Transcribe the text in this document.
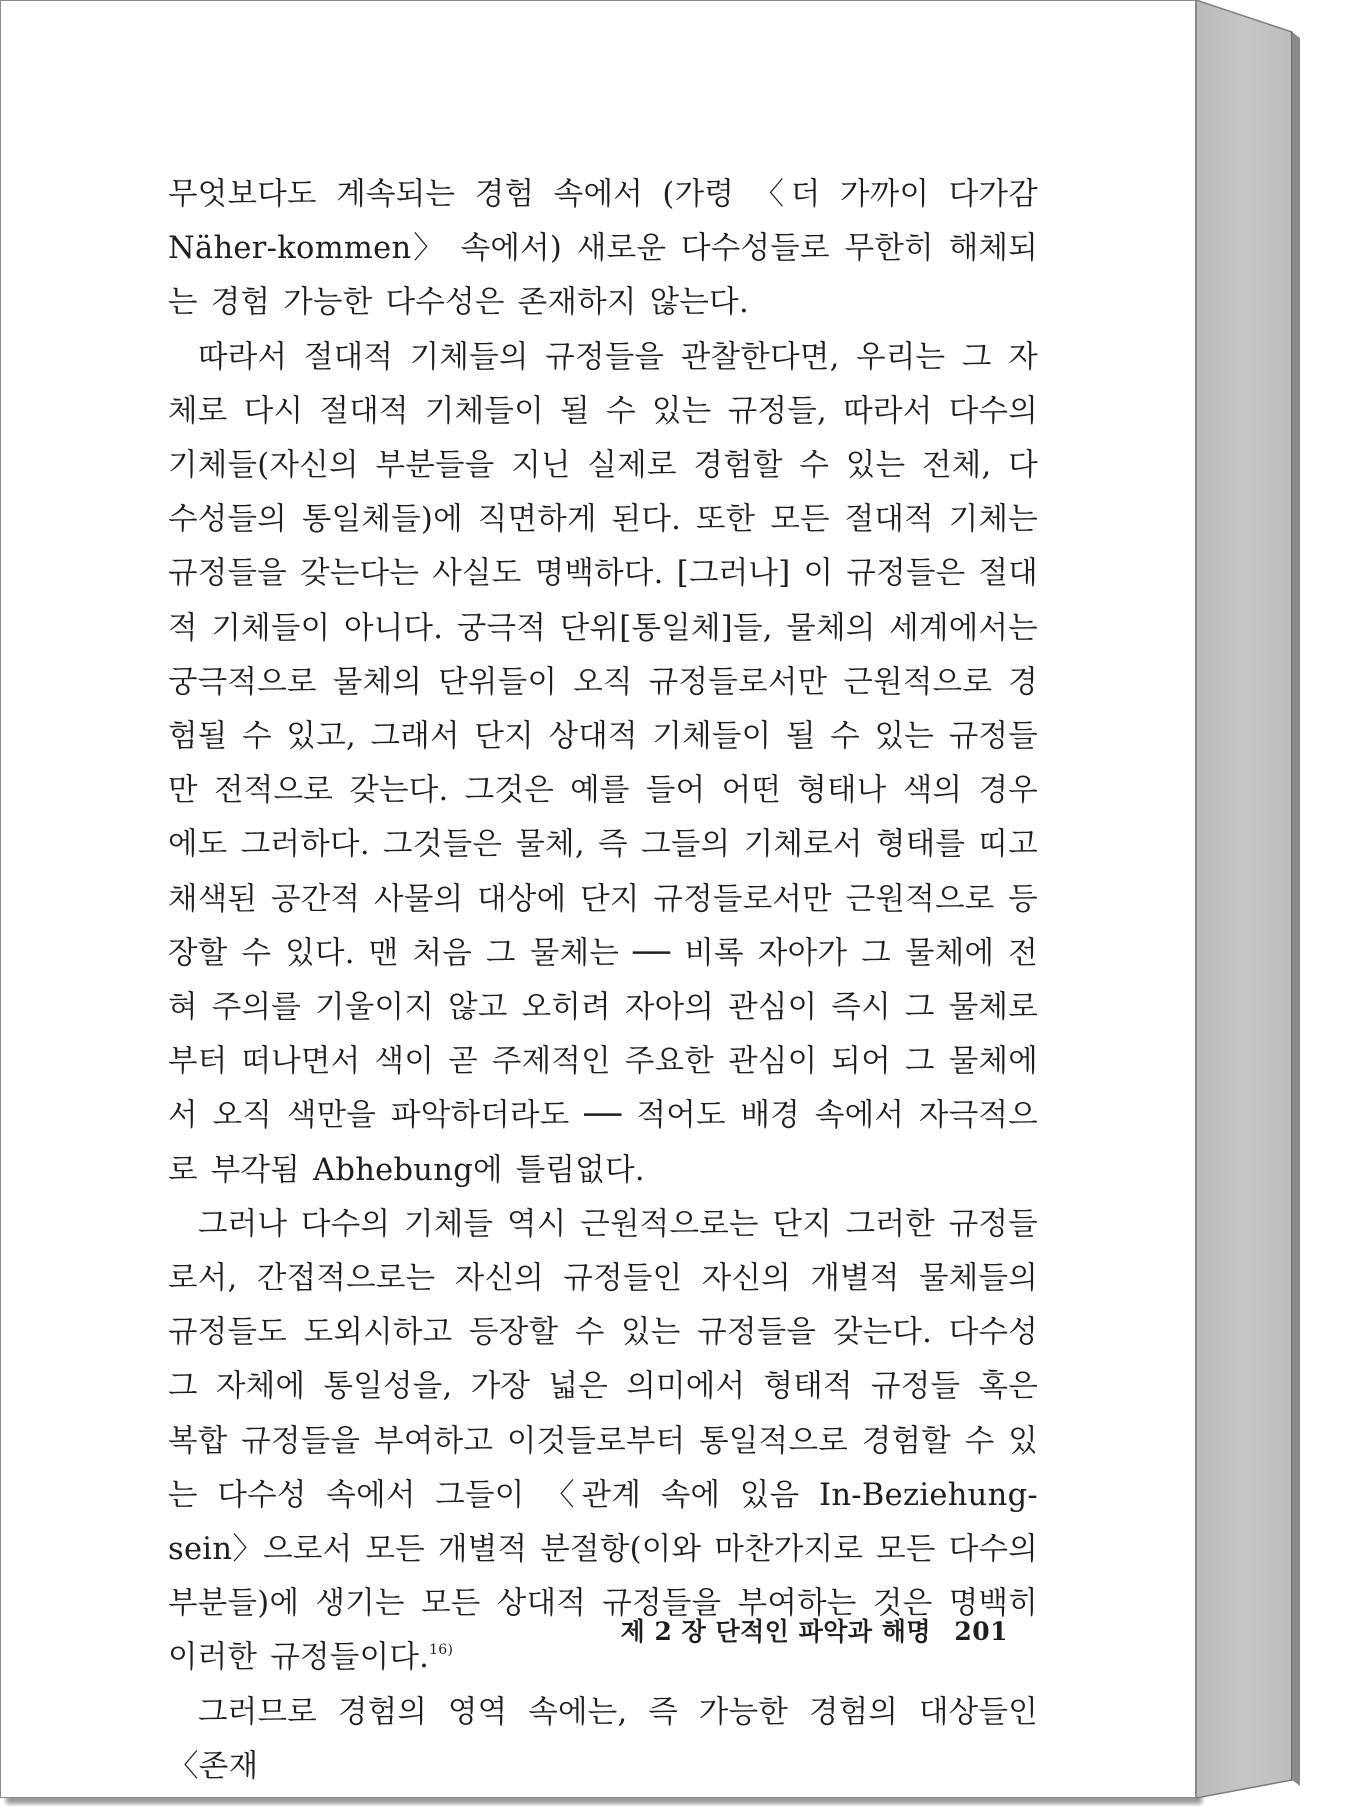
무엇보다도 계속되는 경험 속에서 (가령 〈더 가까이 다가감 Näher-kommen〉 속에서) 새로운 다수성들로 무한히 해체되는 경험 가능한 다수성은 존재하지 않는다.

따라서 절대적 기체들의 규정들을 관찰한다면, 우리는 그 자체로 다시 절대적 기체들이 될 수 있는 규정들, 따라서 다수의 기체들(자신의 부분들을 지닌 실제로 경험할 수 있는 전체, 다수성들의 통일체들)에 직면하게 된다. 또한 모든 절대적 기체는 규정들을 갖는다는 사실도 명백하다. [그러나] 이 규정들은 절대적 기체들이 아니다. 궁극적 단위[통일체]들, 물체의 세계에서는 궁극적으로 물체의 단위들이 오직 규정들로서만 근원적으로 경험될 수 있고, 그래서 단지 상대적 기체들이 될 수 있는 규정들만 전적으로 갖는다. 그것은 예를 들어 어떤 형태나 색의 경우에도 그러하다. 그것들은 물체, 즉 그들의 기체로서 형태를 띠고 채색된 공간적 사물의 대상에 단지 규정들로서만 근원적으로 등장할 수 있다. 맨 처음 그 물체는 ── 비록 자아가 그 물체에 전혀 주의를 기울이지 않고 오히려 자아의 관심이 즉시 그 물체로부터 떠나면서 색이 곧 주제적인 주요한 관심이 되어 그 물체에서 오직 색만을 파악하더라도 ── 적어도 배경 속에서 자극적으로 부각됨 Abhebung에 틀림없다.

그러나 다수의 기체들 역시 근원적으로는 단지 그러한 규정들로서, 간접적으로는 자신의 규정들인 자신의 개별적 물체들의 규정들도 도외시하고 등장할 수 있는 규정들을 갖는다. 다수성 그 자체에 통일성을, 가장 넓은 의미에서 형태적 규정들 혹은 복합 규정들을 부여하고 이것들로부터 통일적으로 경험할 수 있는 다수성 속에서 그들이 〈관계 속에 있음 In-Beziehung-sein〉으로서 모든 개별적 분절항(이와 마찬가지로 모든 다수의 부분들)에 생기는 모든 상대적 규정들을 부여하는 것은 명백히 이러한 규정들이다.$^{16)}$

그러므로 경험의 영역 속에는, 즉 가능한 경험의 대상들인 〈존재

제 2 장 단적인 파악과 해명 201
